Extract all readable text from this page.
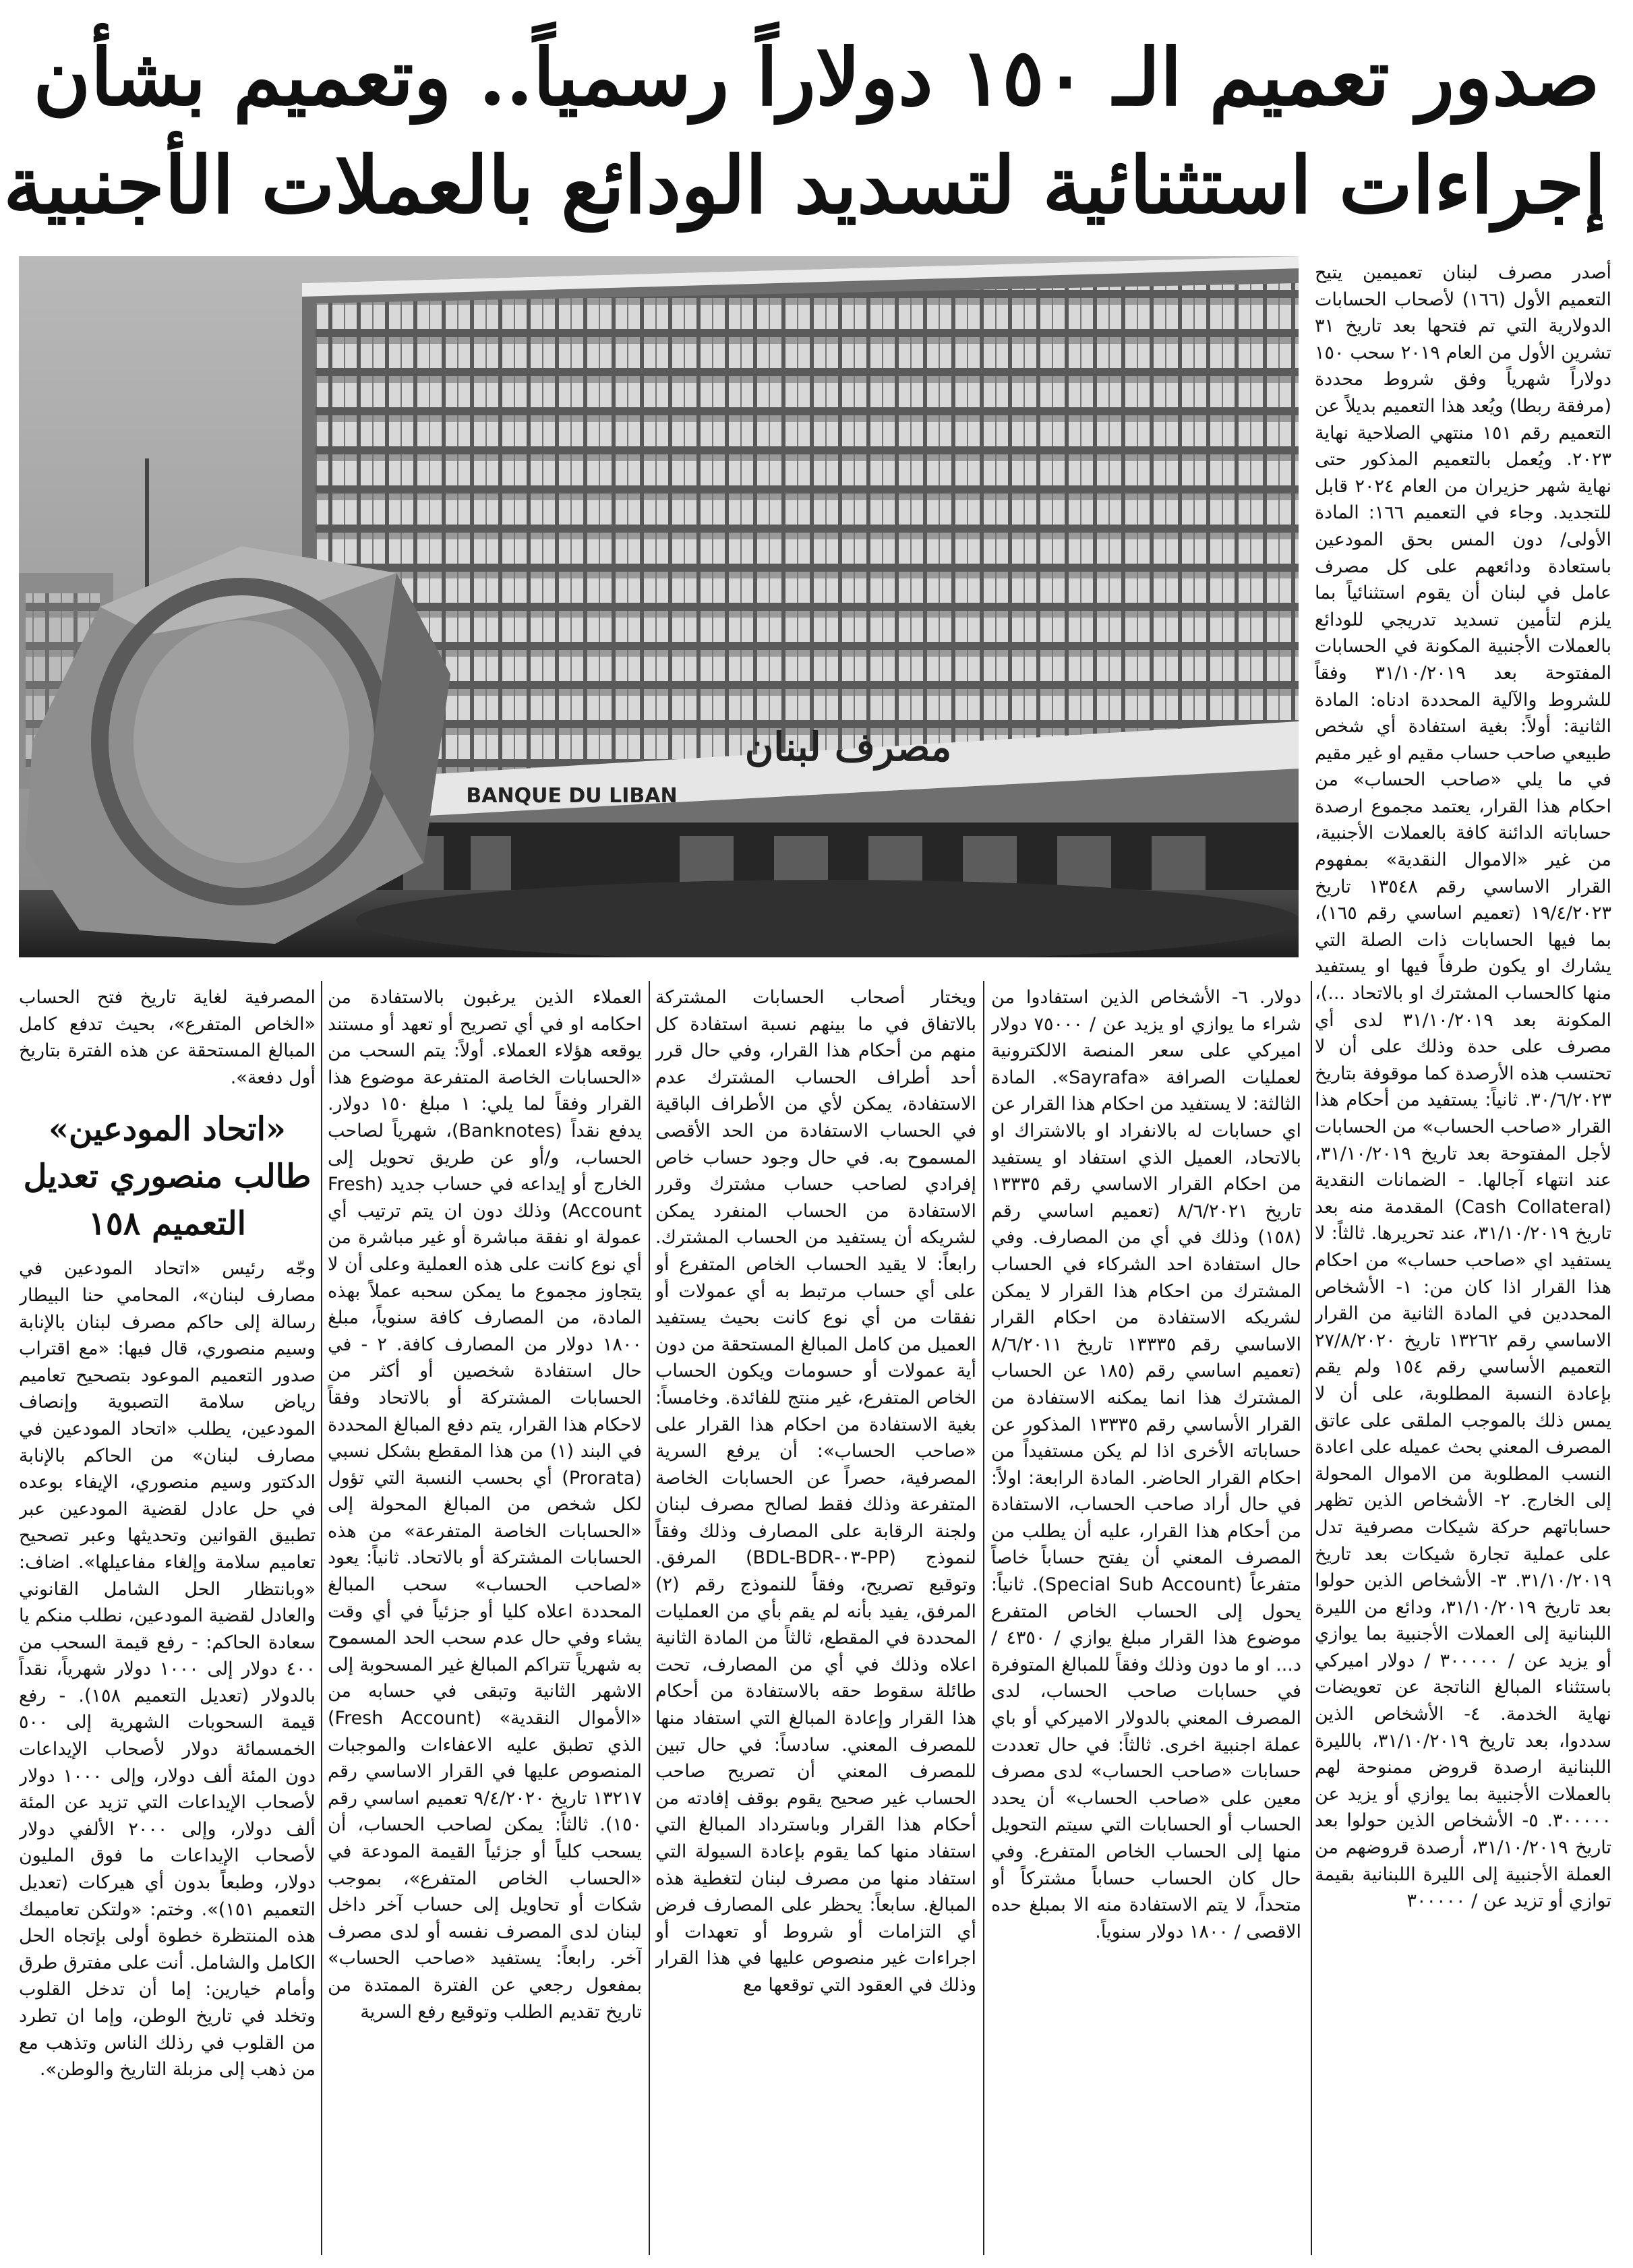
صدور تعميم الـ ١٥٠ دولاراً رسمياً.. وتعميم بشأن
إجراءات استثنائية لتسديد الودائع بالعملات الأجنبية
مصرف لبنان
BANQUE DU LIBAN

أصدر مصرف لبنان تعميمين يتيح التعميم الأول (١٦٦) لأصحاب الحسابات الدولارية التي تم فتحها بعد تاريخ ٣١ تشرين الأول من العام ٢٠١٩ سحب ١٥٠ دولاراً شهرياً وفق شروط محددة (مرفقة ربطا) ويُعد هذا التعميم بديلاً عن التعميم رقم ١٥١ منتهي الصلاحية نهاية ٢٠٢٣. ويُعمل بالتعميم المذكور حتى نهاية شهر حزيران من العام ٢٠٢٤ قابل للتجديد. وجاء في التعميم ١٦٦: المادة الأولى/ دون المس بحق المودعين باستعادة ودائعهم على كل مصرف عامل في لبنان أن يقوم استثنائياً بما يلزم لتأمين تسديد تدريجي للودائع بالعملات الأجنبية المكونة في الحسابات المفتوحة بعد ٣١/١٠/٢٠١٩ وفقاً للشروط والآلية المحددة ادناه: المادة الثانية: أولاً: بغية استفادة أي شخص طبيعي صاحب حساب مقيم او غير مقيم في ما يلي «صاحب الحساب» من احكام هذا القرار، يعتمد مجموع ارصدة حساباته الدائنة كافة بالعملات الأجنبية، من غير «الاموال النقدية» بمفهوم القرار الاساسي رقم ١٣٥٤٨ تاريخ ١٩/٤/٢٠٢٣ (تعميم اساسي رقم ١٦٥)، بما فيها الحسابات ذات الصلة التي يشارك او يكون طرفاً فيها او يستفيد منها كالحساب المشترك او بالاتحاد ...)، المكونة بعد ٣١/١٠/٢٠١٩ لدى أي مصرف على حدة وذلك على أن لا تحتسب هذه الأرصدة كما موقوفة بتاريخ ٣٠/٦/٢٠٢٣. ثانياً: يستفيد من أحكام هذا القرار «صاحب الحساب» من الحسابات لأجل المفتوحة بعد تاريخ ٣١/١٠/٢٠١٩، عند انتهاء آجالها. - الضمانات النقدية (Cash Collateral) المقدمة منه بعد تاريخ ٣١/١٠/٢٠١٩، عند تحريرها. ثالثاً: لا يستفيد اي «صاحب حساب» من احكام هذا القرار اذا كان من: ١- الأشخاص المحددين في المادة الثانية من القرار الاساسي رقم ١٣٢٦٢ تاريخ ٢٧/٨/٢٠٢٠ التعميم الأساسي رقم ١٥٤ ولم يقم بإعادة النسبة المطلوبة، على أن لا يمس ذلك بالموجب الملقى على عاتق المصرف المعني بحث عميله على اعادة النسب المطلوبة من الاموال المحولة إلى الخارج. ٢- الأشخاص الذين تظهر حساباتهم حركة شيكات مصرفية تدل على عملية تجارة شيكات بعد تاريخ ٣١/١٠/٢٠١٩. ٣- الأشخاص الذين حولوا بعد تاريخ ٣١/١٠/٢٠١٩، ودائع من الليرة اللبنانية إلى العملات الأجنبية بما يوازي أو يزيد عن / ٣٠٠٠٠٠ / دولار اميركي باستثناء المبالغ الناتجة عن تعويضات نهاية الخدمة. ٤- الأشخاص الذين سددوا، بعد تاريخ ٣١/١٠/٢٠١٩، بالليرة اللبنانية ارصدة قروض ممنوحة لهم بالعملات الأجنبية بما يوازي أو يزيد عن ٣٠٠٠٠٠. ٥- الأشخاص الذين حولوا بعد تاريخ ٣١/١٠/٢٠١٩، أرصدة قروضهم من العملة الأجنبية إلى الليرة اللبنانية بقيمة توازي أو تزيد عن / ٣٠٠٠٠٠

دولار. ٦- الأشخاص الذين استفادوا من شراء ما يوازي او يزيد عن / ٧٥٠٠٠ دولار اميركي على سعر المنصة الالكترونية لعمليات الصرافة «Sayrafa». المادة الثالثة: لا يستفيد من احكام هذا القرار عن اي حسابات له بالانفراد او بالاشتراك او بالاتحاد، العميل الذي استفاد او يستفيد من احكام القرار الاساسي رقم ١٣٣٣٥ تاريخ ٨/٦/٢٠٢١ (تعميم اساسي رقم (١٥٨) وذلك في أي من المصارف. وفي حال استفادة احد الشركاء في الحساب المشترك من احكام هذا القرار لا يمكن لشريكه الاستفادة من احكام القرار الاساسي رقم ١٣٣٣٥ تاريخ ٨/٦/٢٠١١ (تعميم اساسي رقم (١٨٥ عن الحساب المشترك هذا انما يمكنه الاستفادة من القرار الأساسي رقم ١٣٣٣٥ المذكور عن حساباته الأخرى اذا لم يكن مستفيداً من احكام القرار الحاضر. المادة الرابعة: اولاً: في حال أراد صاحب الحساب، الاستفادة من أحكام هذا القرار، عليه أن يطلب من المصرف المعني أن يفتح حساباً خاصاً متفرعاً (Special Sub Account). ثانياً: يحول إلى الحساب الخاص المتفرع موضوع هذا القرار مبلغ يوازي / ٤٣٥٠ / د... او ما دون وذلك وفقاً للمبالغ المتوفرة في حسابات صاحب الحساب، لدى المصرف المعني بالدولار الاميركي أو باي عملة اجنبية اخرى. ثالثاً: في حال تعددت حسابات «صاحب الحساب» لدى مصرف معين على «صاحب الحساب» أن يحدد الحساب أو الحسابات التي سيتم التحويل منها إلى الحساب الخاص المتفرع. وفي حال كان الحساب حساباً مشتركاً أو متحداً، لا يتم الاستفادة منه الا بمبلغ حده الاقصى / ١٨٠٠ دولار سنوياً.

ويختار أصحاب الحسابات المشتركة بالاتفاق في ما بينهم نسبة استفادة كل منهم من أحكام هذا القرار، وفي حال قرر أحد أطراف الحساب المشترك عدم الاستفادة، يمكن لأي من الأطراف الباقية في الحساب الاستفادة من الحد الأقصى المسموح به. في حال وجود حساب خاص إفرادي لصاحب حساب مشترك وقرر الاستفادة من الحساب المنفرد يمكن لشريكه أن يستفيد من الحساب المشترك. رابعاً: لا يقيد الحساب الخاص المتفرع أو على أي حساب مرتبط به أي عمولات أو نفقات من أي نوع كانت بحيث يستفيد العميل من كامل المبالغ المستحقة من دون أية عمولات أو حسومات ويكون الحساب الخاص المتفرع، غير منتج للفائدة. وخامساً: بغية الاستفادة من احكام هذا القرار على «صاحب الحساب»: أن يرفع السرية المصرفية، حصراً عن الحسابات الخاصة المتفرعة وذلك فقط لصالح مصرف لبنان ولجنة الرقابة على المصارف وذلك وفقاً لنموذج (PP-٠٣-BDL-BDR) المرفق. وتوقيع تصريح، وفقاً للنموذج رقم (٢) المرفق، يفيد بأنه لم يقم بأي من العمليات المحددة في المقطع، ثالثاً من المادة الثانية اعلاه وذلك في أي من المصارف، تحت طائلة سقوط حقه بالاستفادة من أحكام هذا القرار وإعادة المبالغ التي استفاد منها للمصرف المعني. سادساً: في حال تبين للمصرف المعني أن تصريح صاحب الحساب غير صحيح يقوم بوقف إفادته من أحكام هذا القرار وباسترداد المبالغ التي استفاد منها كما يقوم بإعادة السيولة التي استفاد منها من مصرف لبنان لتغطية هذه المبالغ. سابعاً: يحظر على المصارف فرض أي التزامات أو شروط أو تعهدات أو اجراءات غير منصوص عليها في هذا القرار وذلك في العقود التي توقعها مع

العملاء الذين يرغبون بالاستفادة من احكامه او في أي تصريح أو تعهد أو مستند يوقعه هؤلاء العملاء. أولاً: يتم السحب من «الحسابات الخاصة المتفرعة موضوع هذا القرار وفقاً لما يلي: ١ مبلغ ١٥٠ دولار. يدفع نقداً (Banknotes)، شهرياً لصاحب الحساب، و/أو عن طريق تحويل إلى الخارج أو إيداعه في حساب جديد (Fresh Account) وذلك دون ان يتم ترتيب أي عمولة او نفقة مباشرة أو غير مباشرة من أي نوع كانت على هذه العملية وعلى أن لا يتجاوز مجموع ما يمكن سحبه عملاً بهذه المادة، من المصارف كافة سنوياً، مبلغ ١٨٠٠ دولار من المصارف كافة. ٢ - في حال استفادة شخصين أو أكثر من الحسابات المشتركة أو بالاتحاد وفقاً لاحكام هذا القرار، يتم دفع المبالغ المحددة في البند (١) من هذا المقطع بشكل نسبي (Prorata) أي بحسب النسبة التي تؤول لكل شخص من المبالغ المحولة إلى «الحسابات الخاصة المتفرعة» من هذه الحسابات المشتركة أو بالاتحاد. ثانياً: يعود «لصاحب الحساب» سحب المبالغ المحددة اعلاه كليا أو جزئياً في أي وقت يشاء وفي حال عدم سحب الحد المسموح به شهرياً تتراكم المبالغ غير المسحوبة إلى الاشهر الثانية وتبقى في حسابه من «الأموال النقدية» (Fresh Account) الذي تطبق عليه الاعفاءات والموجبات المنصوص عليها في القرار الاساسي رقم ١٣٢١٧ تاريخ ٩/٤/٢٠٢٠ تعميم اساسي رقم ١٥٠). ثالثاً: يمكن لصاحب الحساب، أن يسحب كلياً أو جزئياً القيمة المودعة في «الحساب الخاص المتفرع»، بموجب شكات أو تحاويل إلى حساب آخر داخل لبنان لدى المصرف نفسه أو لدى مصرف آخر. رابعاً: يستفيد «صاحب الحساب» بمفعول رجعي عن الفترة الممتدة من تاريخ تقديم الطلب وتوقيع رفع السرية

المصرفية لغاية تاريخ فتح الحساب «الخاص المتفرع»، بحيث تدفع كامل المبالغ المستحقة عن هذه الفترة بتاريخ أول دفعة».

«اتحاد المودعين» طالب منصوري تعديل

التعميم ١٥٨

وجّه رئيس «اتحاد المودعين في مصارف لبنان»، المحامي حنا البيطار رسالة إلى حاكم مصرف لبنان بالإنابة وسيم منصوري، قال فيها: «مع اقتراب صدور التعميم الموعود بتصحيح تعاميم رياض سلامة التصبوية وإنصاف المودعين، يطلب «اتحاد المودعين في مصارف لبنان» من الحاكم بالإنابة الدكتور وسيم منصوري، الإيفاء بوعده في حل عادل لقضية المودعين عبر تطبيق القوانين وتحديثها وعبر تصحيح تعاميم سلامة وإلغاء مفاعيلها». اضاف: «وبانتظار الحل الشامل القانوني والعادل لقضية المودعين، نطلب منكم يا سعادة الحاكم: - رفع قيمة السحب من ٤٠٠ دولار إلى ١٠٠٠ دولار شهرياً، نقداً بالدولار (تعديل التعميم ١٥٨). - رفع قيمة السحوبات الشهرية إلى ٥٠٠ الخمسمائة دولار لأصحاب الإيداعات دون المئة ألف دولار، وإلى ١٠٠٠ دولار لأصحاب الإيداعات التي تزيد عن المئة ألف دولار، وإلى ٢٠٠٠ الألفي دولار لأصحاب الإيداعات ما فوق المليون دولار، وطبعاً بدون أي هيركات (تعديل التعميم ١٥١)». وختم: «ولتكن تعاميمك هذه المنتظرة خطوة أولى بإتجاه الحل الكامل والشامل. أنت على مفترق طرق وأمام خيارين: إما أن تدخل القلوب وتخلد في تاريخ الوطن، وإما ان تطرد من القلوب في رذلك الناس وتذهب مع من ذهب إلى مزبلة التاريخ والوطن».
